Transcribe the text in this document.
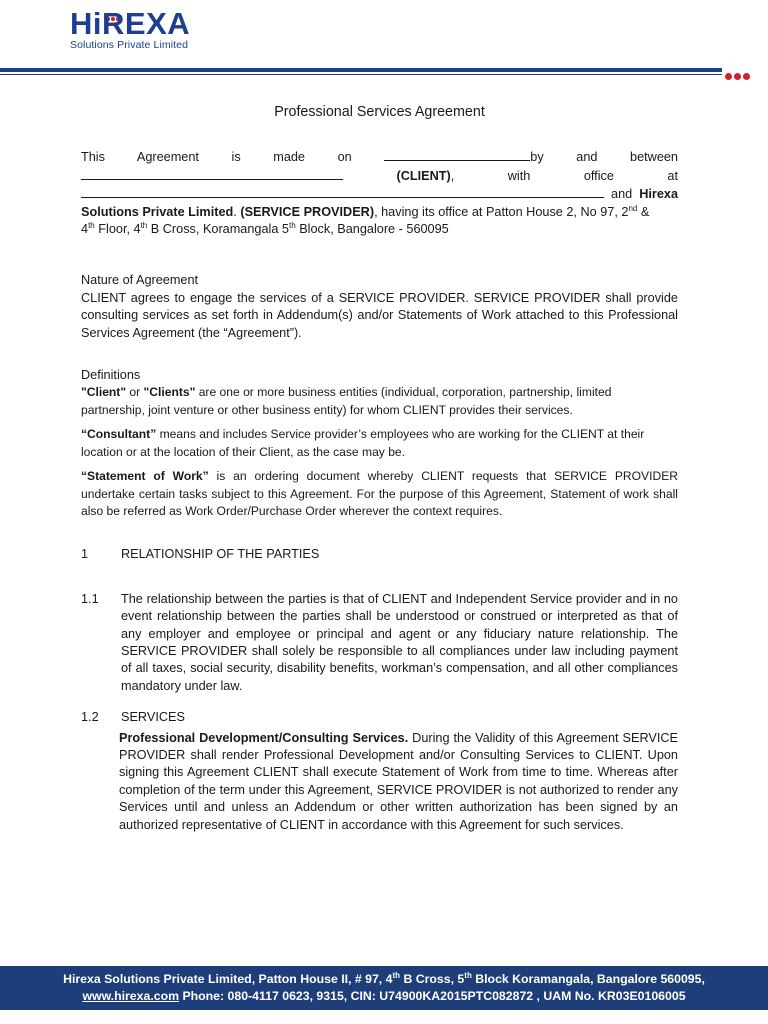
HiREXA
Solutions Private Limited
Professional Services Agreement
This	Agreement	is	made	on	by	and	between
(CLIENT),	with	office	at
and Hirexa
Solutions Private Limited. (SERVICE PROVIDER), having its office at Patton House 2, No 97, 2nd &
4th Floor, 4th B Cross, Koramangala 5th Block, Bangalore - 560095
Nature of Agreement
CLIENT agrees to engage the services of a SERVICE PROVIDER. SERVICE PROVIDER shall provide consulting services as set forth in Addendum(s) and/or Statements of Work attached to this Professional Services Agreement (the “Agreement”).
Definitions
"Client" or "Clients" are one or more business entities (individual, corporation, partnership, limited partnership, joint venture or other business entity) for whom CLIENT provides their services.
“Consultant” means and includes Service provider’s employees who are working for the CLIENT at their location or at the location of their Client, as the case may be.
“Statement of Work” is an ordering document whereby CLIENT requests that SERVICE PROVIDER undertake certain tasks subject to this Agreement. For the purpose of this Agreement, Statement of work shall also be referred as Work Order/Purchase Order wherever the context requires.
1	RELATIONSHIP OF THE PARTIES
1.1	The relationship between the parties is that of CLIENT and Independent Service provider and in no event relationship between the parties shall be understood or construed or interpreted as that of any employer and employee or principal and agent or any fiduciary nature relationship. The SERVICE PROVIDER shall solely be responsible to all compliances under law including payment of all taxes, social security, disability benefits, workman’s compensation, and all other compliances mandatory under law.
1.2	SERVICES
Professional Development/Consulting Services. During the Validity of this Agreement SERVICE PROVIDER shall render Professional Development and/or Consulting Services to CLIENT. Upon signing this Agreement CLIENT shall execute Statement of Work from time to time. Whereas after completion of the term under this Agreement, SERVICE PROVIDER is not authorized to render any Services until and unless an Addendum or other written authorization has been signed by an authorized representative of CLIENT in accordance with this Agreement for such services.
Hirexa Solutions Private Limited, Patton House II, # 97, 4th B Cross, 5th Block Koramangala, Bangalore 560095,
www.hirexa.com Phone: 080-4117 0623, 9315, CIN: U74900KA2015PTC082872 , UAM No. KR03E0106005
